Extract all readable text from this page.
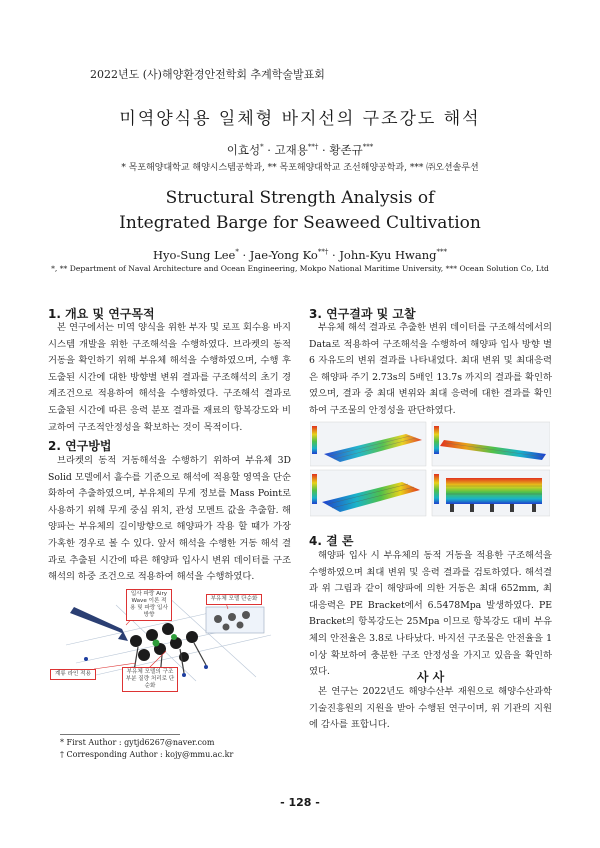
2022년도 (사)해양환경안전학회 추계학술발표회
미역양식용 일체형 바지선의 구조강도 해석
이효성* · 고재용**† · 황존규***
* 목포해양대학교 해양시스템공학과, ** 목포해양대학교 조선해양공학과, *** ㈜오션솔루션
Structural Strength Analysis of
Integrated Barge for Seaweed Cultivation
Hyo-Sung Lee* · Jae-Yong Ko**† · John-Kyu Hwang***
*, ** Department of Naval Architecture and Ocean Engineering, Mokpo National Maritime University, *** Ocean Solution Co, Ltd
1. 개요 및 연구목적
본 연구에서는 미역 양식을 위한 부자 및 로프 회수용 바지시스템 개발을 위한 구조해석을 수행하였다. 브라켓의 동적 거동을 확인하기 위해 부유체 해석을 수행하였으며, 수행 후 도출된 시간에 대한 방향별 변위 결과를 구조해석의 초기 경계조건으로 적용하여 해석을 수행하였다. 구조해석 결과로 도출된 시간에 따른 응력 분포 결과를 재료의 항복강도와 비교하여 구조적안정성을 확보하는 것이 목적이다.
2. 연구방법
브라켓의 동적 거동해석을 수행하기 위하여 부유체 3D Solid 모델에서 흘수를 기준으로 해석에 적용할 영역을 단순화하여 추출하였으며, 부유체의 무게 정보를 Mass Point로 사용하기 위해 무게 중심 위치, 관성 모멘트 값을 추출함. 해양파는 부유체의 길이방향으로 해양파가 작용 할 때가 가장 가혹한 경우로 볼 수 있다. 앞서 해석을 수행한 거동 해석 결과로 추출된 시간에 따른 해양파 입사시 변위 데이터를 구조해석의 하중 조건으로 적용하여 해석을 수행하였다.
입사 파랑 Airy Wave 이론 적용 및 파랑 입사 방향
부유체 모델 단순화
계류 라인 적용	부유체 모델의 구조부분 질량 처리로 단순화
3. 연구결과 및 고찰
부유체 해석 결과로 추출한 변위 데이터를 구조해석에서의 Data로 적용하여 구조해석을 수행하여 해양파 입사 방향 별 6 자유도의 변위 결과를 나타내었다. 최대 변위 및 최대응력은 해양파 주기 2.73s의 5배인 13.7s 까지의 결과를 확인하였으며, 결과 중 최대 변위와 최대 응력에 대한 결과를 확인하여 구조물의 안정성을 판단하였다.
4. 결 론
해양파 입사 시 부유체의 동적 거동을 적용한 구조해석을 수행하였으며 최대 변위 및 응력 결과를 검토하였다. 해석결과 위 그림과 같이 해양파에 의한 거동은 최대 652mm, 최대응력은 PE Bracket에서 6.5478Mpa 발생하였다. PE Bracket의 항복강도는 25Mpa 이므로 항복강도 대비 부유체의 안전율은 3.8로 나타났다. 바지선 구조물은 안전율을 1이상 확보하여 충분한 구조 안정성을 가지고 있음을 확인하였다.	사 사
본 연구는 2022년도 해양수산부 재원으로 해양수산과학기술진흥원의 지원을 받아 수행된 연구이며, 위 기관의 지원에 감사를 표합니다.
* First Author : gytjd6267@naver.com
† Corresponding Author : kojy@mmu.ac.kr
- 128 -
